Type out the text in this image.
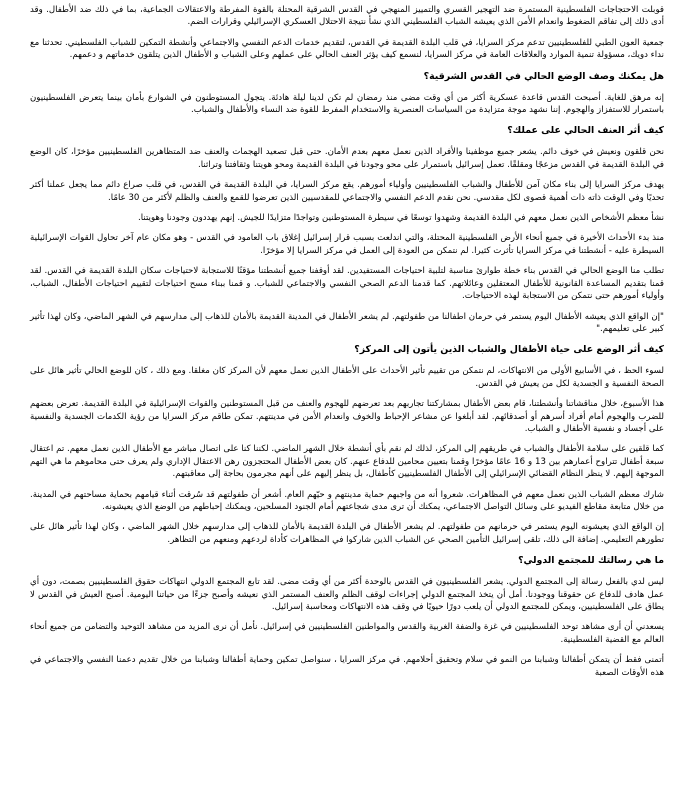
قوبلت الاحتجاجات الفلسطينية المستمرة ضد التهجير القسري والتمييز المنهجي في القدس الشرقية المحتلة بالقوة المفرطة والاعتقالات الجماعية، بما في ذلك ضد الأطفال. وقد أدى ذلك إلى تفاقم الضغوط وانعدام الأمن الذي يعيشه الشباب الفلسطيني الذي نشأ نتيجة الاحتلال العسكري الإسرائيلي وقرارات الضم.

جمعية العون الطبي للفلسطينيين تدعم مركز السرايا، في قلب البلدة القديمة في القدس، لتقديم خدمات الدعم النفسي والاجتماعي وأنشطة التمكين للشباب الفلسطيني. تحدثنا مع نداء دويك، مسؤولة تنمية الموارد والعلاقات العامة في مركز السرايا، لنسمع كيف يؤثر العنف الحالي على عملهم وعلى الشباب و الأطفال الذين يتلقون خدماتهم و دعمهم.

هل يمكنك وصف الوضع الحالي في القدس الشرقية؟

إنه مرهق للغاية. أصبحت القدس قاعدة عسكرية أكثر من أي وقت مضى منذ رمضان لم تكن لدينا ليلة هادئة. يتجول المستوطنون في الشوارع بأمان بينما يتعرض الفلسطينيون باستمرار للاستفزاز والهجوم. إننا نشهد موجة متزايدة من السياسات العنصرية والاستخدام المفرط للقوة ضد النساء والأطفال والشباب.

كيف أثر العنف الحالي على عملك؟

نحن قلقون ونعيش في خوف دائم. يشعر جميع موظفينا والأفراد الذين نعمل معهم بعدم الأمان. حتى قبل تصعيد الهجمات والعنف ضد المتظاهرين الفلسطينيين مؤخرًا، كان الوضع في البلدة القديمة في القدس مزعجًا ومقلقًا. تعمل إسرائيل باستمرار على محو وجودنا في البلدة القديمة ومحو هويتنا وثقافتنا وتراثنا.

يهدف مركز السرايا إلى بناء مكان آمن للأطفال والشباب الفلسطينيين وأولياء أمورهم. يقع مركز السرايا، في البلدة القديمة في القدس، في قلب صراع دائم مما يجعل عملنا أكثر تحديًا وفي الوقت ذاته ذات أهمية قصوى لكل مقدسي. نحن نقدم الدعم النفسي والاجتماعي للمقدسيين الذين تعرضوا للقمع والعنف والظلم لأكثر من 30 عامًا.

نشأ معظم الأشخاص الذين نعمل معهم في البلدة القديمة وشهدوا توسعًا في سيطرة المستوطنين وتواجدًا متزايدًا للجيش. إنهم يهددون وجودنا وهويتنا.

منذ بدء الأحداث الأخيرة في جميع أنحاء الأرض الفلسطينية المحتلة، والتي اندلعت بسبب قرار إسرائيل إغلاق باب العامود في القدس - وهو مكان عام آخر تحاول القوات الإسرائيلية السيطرة عليه - أنشطتنا في مركز السرايا تأثرت كثيرا. لم نتمكن من العودة إلى العمل في مركز السرايا إلا مؤخرًا.

تطلب منا الوضع الحالي في القدس بناء خطة طوارئ مناسبة لتلبية احتياجات المستفيدين. لقد أوقفنا جميع أنشطتنا مؤقتًا للاستجابة لاحتياجات سكان البلدة القديمة في القدس. لقد قمنا بتقديم المساعدة القانونية للأطفال المعتقلين وعائلاتهم. كما قدمنا الدعم الصحي النفسي والاجتماعي للشباب. و قمنا ببناء مسح احتياجات لتقييم احتياجات الأطفال، الشباب، وأولياء أمورهم حتى نتمكن من الاستجابة لهذه الاحتياجات.

"إن الواقع الذي يعيشه الأطفال اليوم يستمر في حرمان اطفالنا من طفولتهم. لم يشعر الأطفال في المدينة القديمة بالأمان للذهاب إلى مدارسهم في الشهر الماضي، وكان لهذا تأثير كبير على تعليمهم."

كيف أثر الوضع على حياة الأطفال والشباب الذين يأتون إلى المركز؟

لسوء الحظ ، في الأسابيع الأولى من الانتهاكات، لم نتمكن من تقييم تأثير الأحداث على الأطفال الذين نعمل معهم لأن المركز كان مغلقا. ومع ذلك ، كان للوضع الحالي تأثير هائل على الصحة النفسية و الجسدية لكل من يعيش في القدس.

هذا الأسبوع، خلال مناقشاتنا وأنشطتنا، قام بعض الأطفال بمشاركتنا تجاربهم بعد تعرضهم للهجوم والعنف من قبل المستوطنين والقوات الإسرائيلية في البلدة القديمة. تعرض بعضهم للضرب والهجوم أمام أفراد أسرهم أو أصدقائهم. لقد أبلغوا عن مشاعر الإحباط والخوف وانعدام الأمن في مدينتهم. تمكن طاقم مركز السرايا من رؤية الكدمات الجسدية والنفسية على أجساد و نفسية الأطفال و الشباب.

كما قلقين على سلامة الأطفال والشباب في طريقهم إلى المركز، لذلك لم نقم بأي أنشطة خلال الشهر الماضي. لكننا كنا على اتصال مباشر مع الأطفال الذين نعمل معهم. تم اعتقال سبعة أطفال تتراوح أعمارهم بين 13 و 16 عامًا مؤخرًا وقمنا بتعيين محامين للدفاع عنهم. كان بعض الأطفال المحتجزون رهن الاعتقال الإداري ولم يعرف حتى محاموهم ما هي التهم الموجهة إليهم. لا ينظر النظام القضائي الإسرائيلي إلى الأطفال الفلسطينيين كأطفال، بل ينظر إليهم على أنهم مجرمون بحاجة إلى معاقبتهم.

شارك معظم الشباب الذين نعمل معهم في المظاهرات. شعروا أنه من واجبهم حماية مدينتهم و حيّهم العام. أشعر أن طفولتهم قد سُرقت أثناء قيامهم بحماية مساحتهم في المدينة. من خلال متابعة مقاطع الفيديو على وسائل التواصل الاجتماعي، يمكنك أن ترى مدى شجاعتهم أمام الجنود المسلحين، ويمكنك إحباطهم من الوضع الذي يعيشونه.

إن الواقع الذي يعيشونه اليوم يستمر في حرمانهم من طفولتهم. لم يشعر الأطفال في البلدة القديمة بالأمان للذهاب إلى مدارسهم خلال الشهر الماضي ، وكان لهذا تأثير هائل على تطورهم التعليمي. إضافة الى ذلك، تلقى إسرائيل التأمين الصحي عن الشباب الذين شاركوا في المظاهرات كأداة لردعهم ومنعهم من التظاهر.

ما هي رسالتك للمجتمع الدولي؟

ليس لدي بالفعل رسالة إلى المجتمع الدولي. يشعر الفلسطينيون في القدس بالوحدة أكثر من أي وقت مضى. لقد تابع المجتمع الدولي انتهاكات حقوق الفلسطينيين بصمت، دون أي عمل هادف للدفاع عن حقوقنا ووجودنا. أمل أن يتخذ المجتمع الدولي إجراءات لوقف الظلم والعنف المستمر الذي نعيشه وأصبح جزءًا من حياتنا اليومية. أصبح العيش في القدس لا يطاق على الفلسطينيين، ويمكن للمجتمع الدولي أن يلعب دورًا حيويًا في وقف هذه الانتهاكات ومحاسبة إسرائيل.

يسعدني أن أرى مشاهد توحد الفلسطينيين في غزة والضفة الغربية والقدس والمواطنين الفلسطينيين في إسرائيل. نأمل أن نرى المزيد من مشاهد التوحيد والتضامن من جميع أنحاء العالم مع القضية الفلسطينية.

أتمنى فقط أن يتمكن أطفالنا وشبابنا من النمو في سلام وتحقيق أحلامهم. في مركز السرايا ، سنواصل تمكين وحماية أطفالنا وشبابنا من خلال تقديم دعمنا النفسي والاجتماعي في هذه الأوقات الصعبة
